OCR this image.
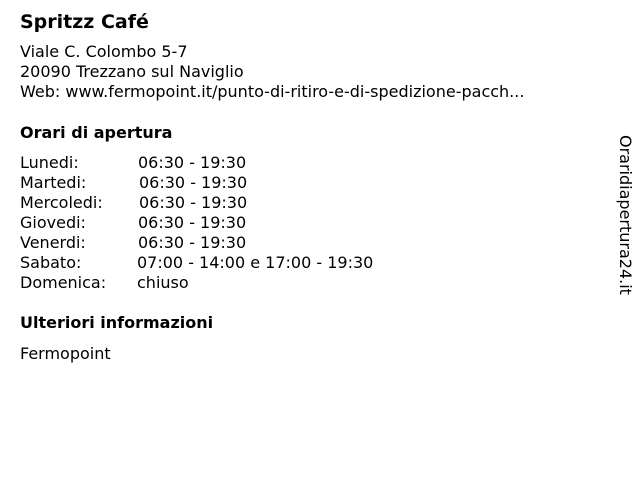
Spritzz Café
Viale C. Colombo 5-7
20090 Trezzano sul Naviglio
Web: www.fermopoint.it/punto-di-ritiro-e-di-spedizione-pacch...
Orari di apertura
Lunedi:	06:30 - 19:30
Martedi:	06:30 - 19:30
Mercoledi: 06:30 - 19:30
Giovedi:	06:30 - 19:30
Venerdi:	06:30 - 19:30
Sabato:	07:00 - 14:00 e 17:00 - 19:30
Domenica: chiuso
Ulteriori informazioni
Fermopoint
Oraridiapertura24.it
